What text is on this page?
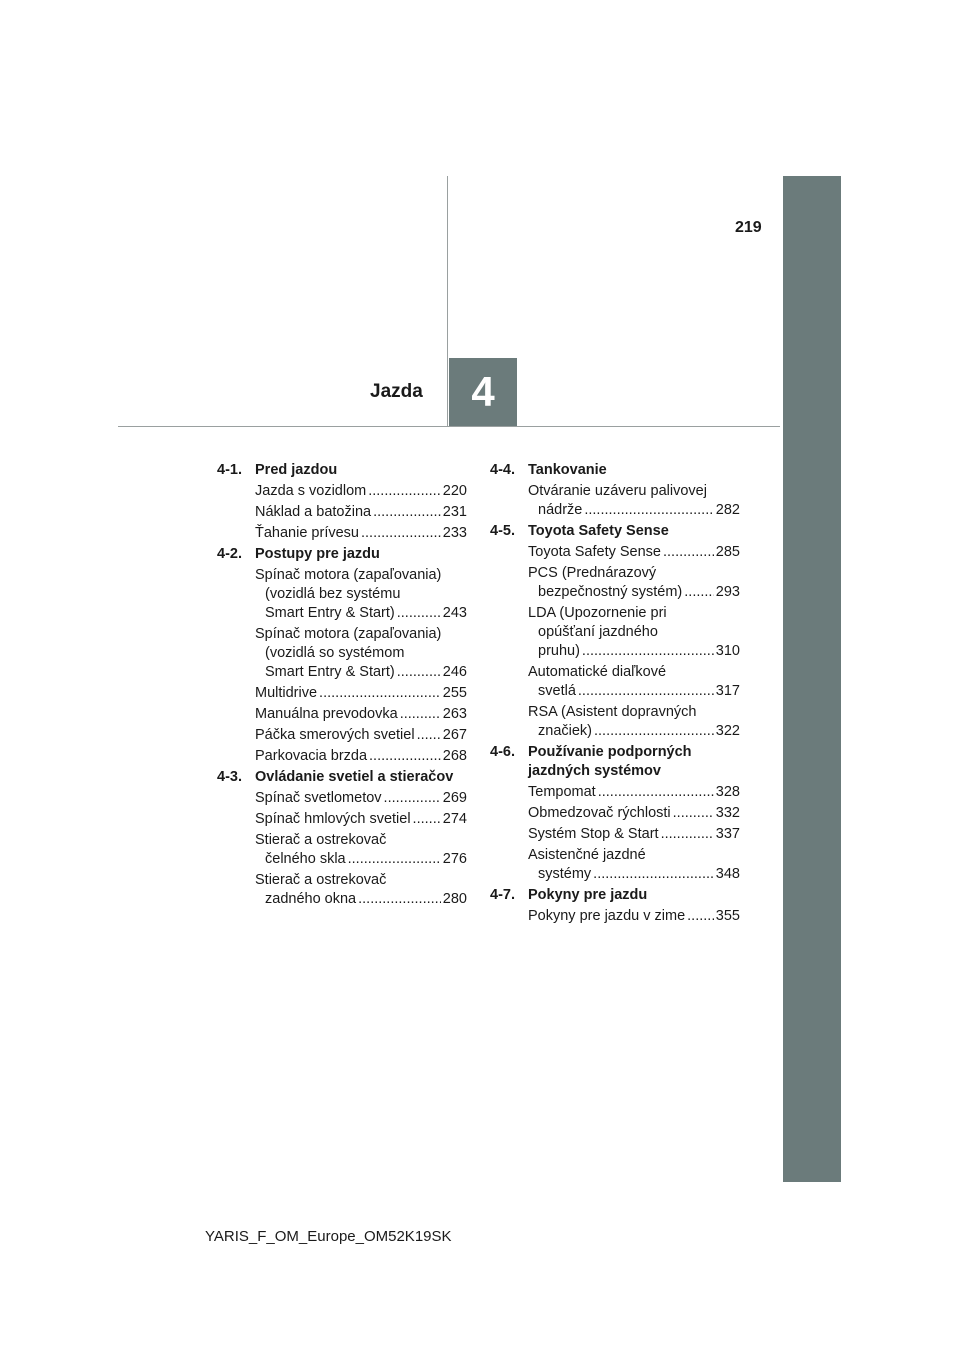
219
Jazda 4
4-1. Pred jazdou
Jazda s vozidlom .....	220
Náklad a batožina .....	231
Ťahanie prívesu .....	233
4-2. Postupy pre jazdu
Spínač motora (zapaľovania)
(vozidlá bez systému
Smart Entry & Start) .....	243
Spínač motora (zapaľovania)
(vozidlá so systémom
Smart Entry & Start) .....	246
Multidrive .....	255
Manuálna prevodovka .....	263
Páčka smerových svetiel ..... 267
Parkovacia brzda .....	268
4-3. Ovládanie svetiel a stieračov
Spínač svetlometov .....	269
Spínač hmlových svetiel ..... 274
Stierač a ostrekovač
čelného skla .....	276
Stierač a ostrekovač
zadného okna .....	280
4-4. Tankovanie
Otváranie uzáveru palivovej
nádrže .....	282
4-5. Toyota Safety Sense
Toyota Safety Sense .....	285
PCS (Prednárazový
bezpečnostný systém) ..... 293
LDA (Upozornenie pri
opúšťaní jazdného
pruhu) .....	310
Automatické diaľkové
svetlá .....	317
RSA (Asistent dopravných
značiek) .....	322
4-6. Používanie podporných jazdných systémov
Tempomat .....	328
Obmedzovač rýchlosti .....	332
Systém Stop & Start .....	337
Asistenčné jazdné
systémy .....	348
4-7. Pokyny pre jazdu
Pokyny pre jazdu v zime ..... 355
YARIS_F_OM_Europe_OM52K19SK
